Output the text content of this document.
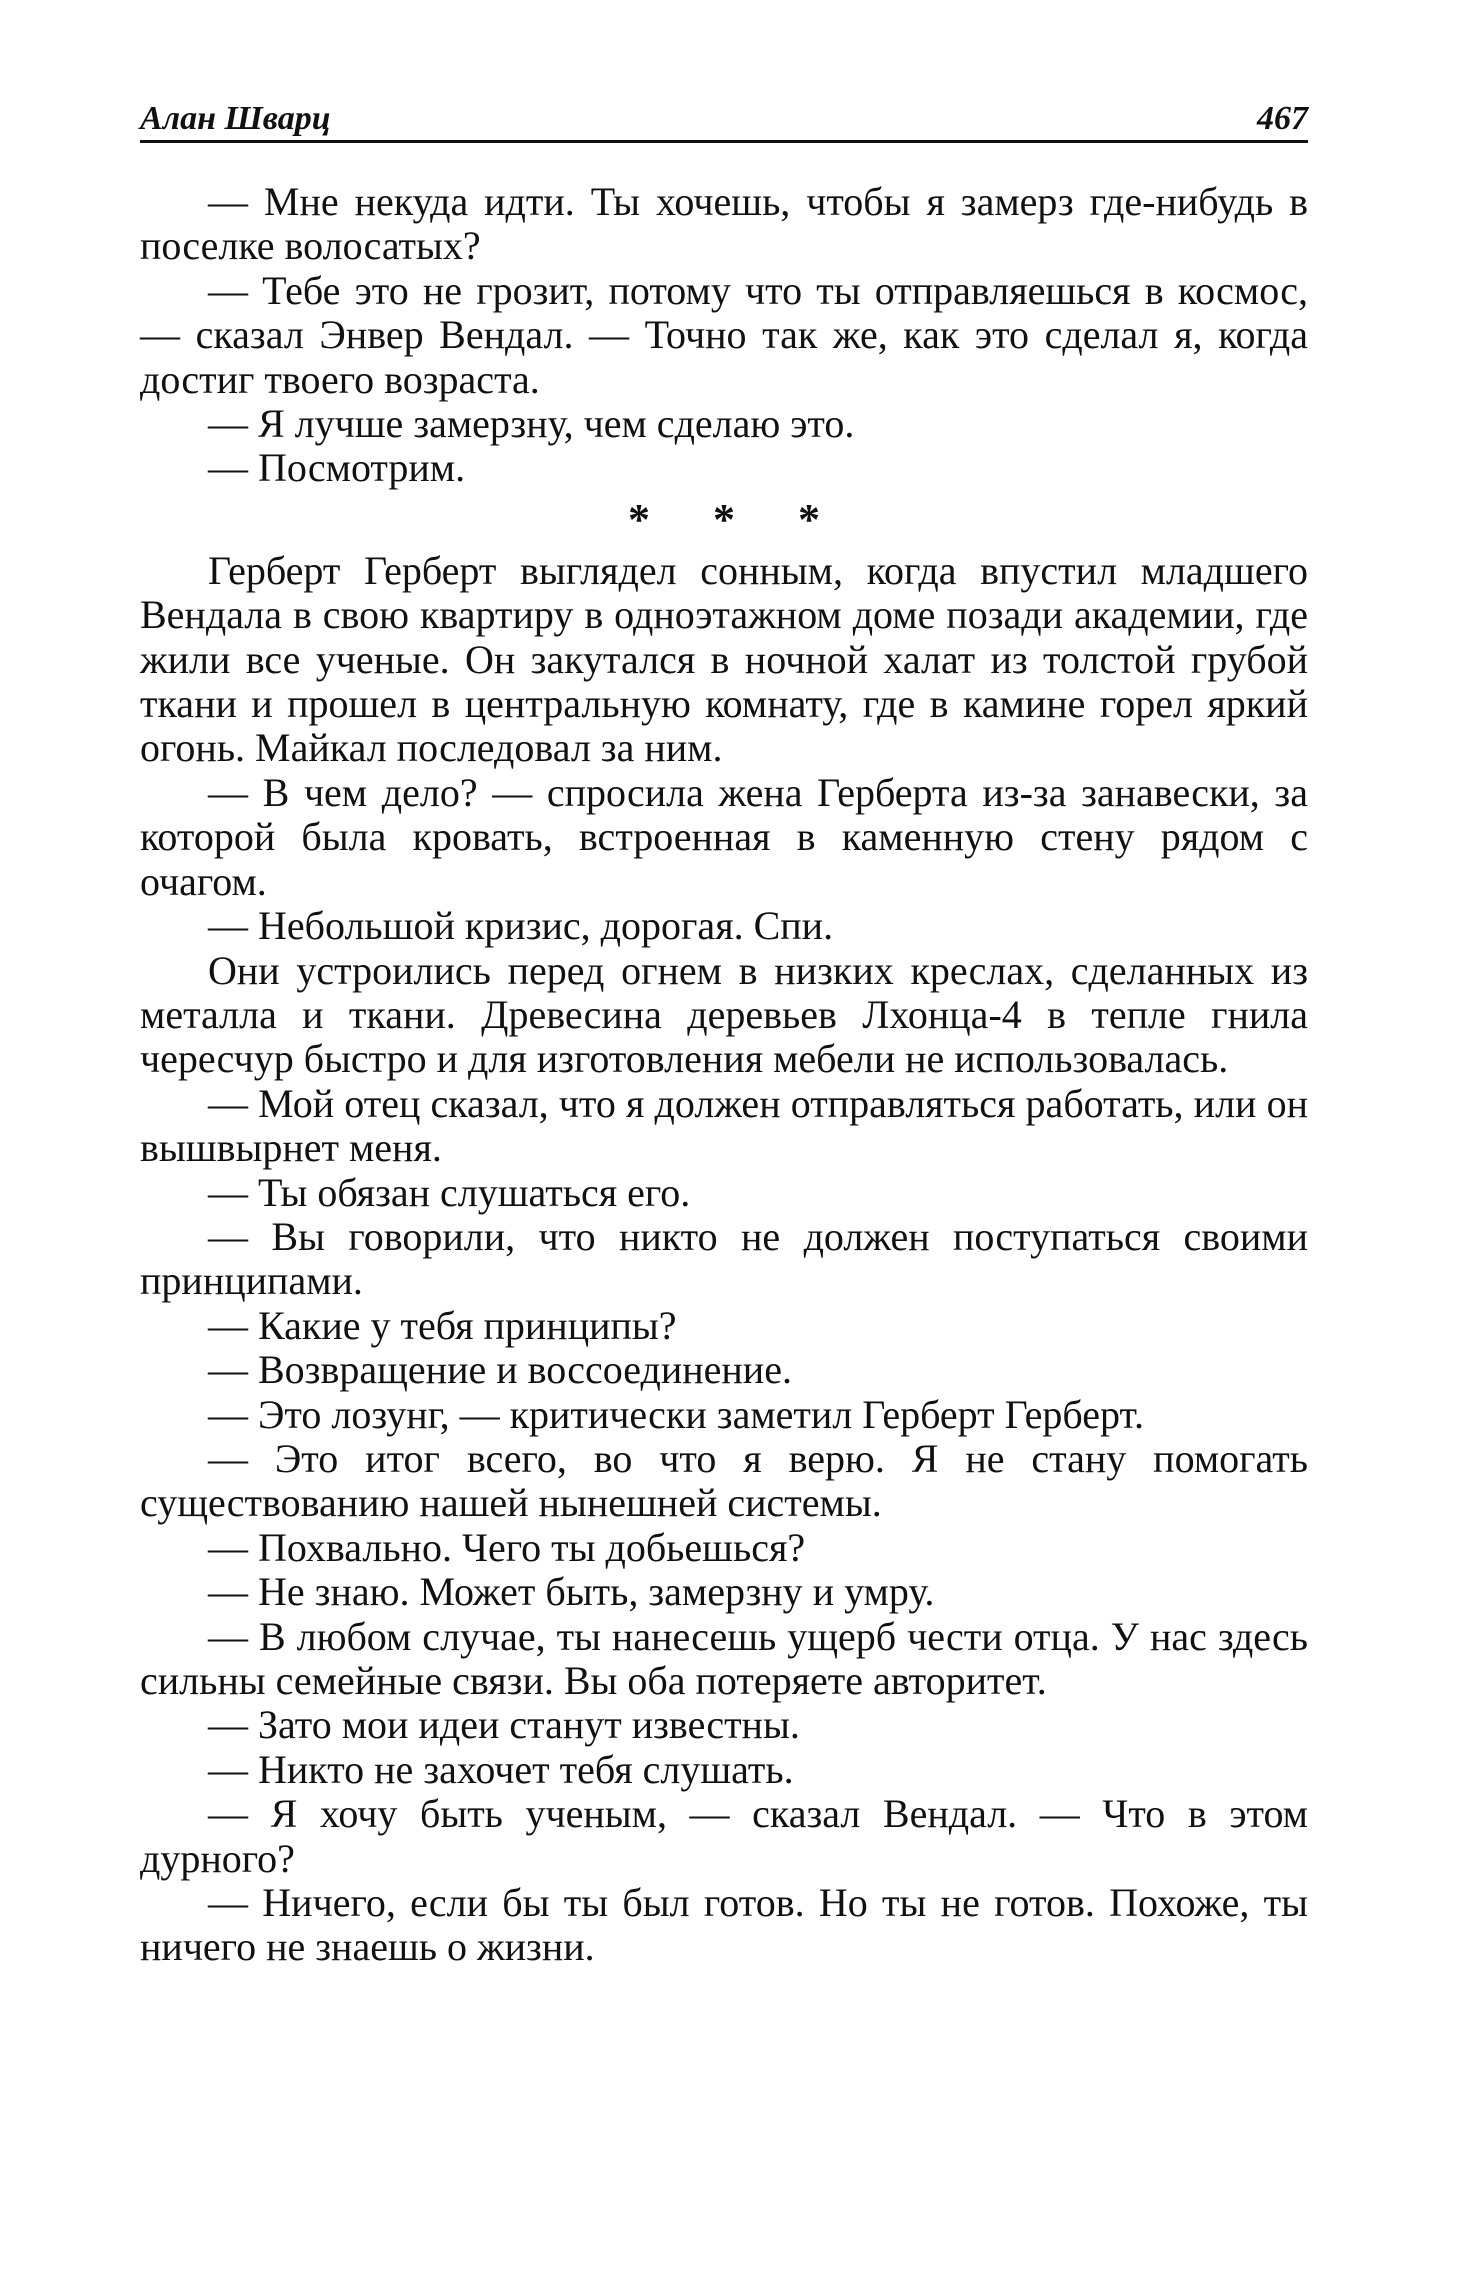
Алан Шварц	467

— Мне некуда идти. Ты хочешь, чтобы я замерз где-нибудь в поселке волосатых?

— Тебе это не грозит, потому что ты отправляешься в космос, — сказал Энвер Вендал. — Точно так же, как это сделал я, когда достиг твоего возраста.

— Я лучше замерзну, чем сделаю это.

— Посмотрим.

* * *

Герберт Герберт выглядел сонным, когда впустил младшего Вендала в свою квартиру в одноэтажном доме позади академии, где жили все ученые. Он закутался в ночной халат из толстой грубой ткани и прошел в центральную комнату, где в камине горел яркий огонь. Майкал последовал за ним.

— В чем дело? — спросила жена Герберта из-за занавески, за которой была кровать, встроенная в каменную стену рядом с очагом.

— Небольшой кризис, дорогая. Спи.

Они устроились перед огнем в низких креслах, сделанных из металла и ткани. Древесина деревьев Лхонца-4 в тепле гнила чересчур быстро и для изготовления мебели не использовалась.

— Мой отец сказал, что я должен отправляться работать, или он вышвырнет меня.

— Ты обязан слушаться его.

— Вы говорили, что никто не должен поступаться своими принципами.

— Какие у тебя принципы?

— Возвращение и воссоединение.

— Это лозунг, — критически заметил Герберт Герберт.

— Это итог всего, во что я верю. Я не стану помогать существованию нашей нынешней системы.

— Похвально. Чего ты добьешься?

— Не знаю. Может быть, замерзну и умру.

— В любом случае, ты нанесешь ущерб чести отца. У нас здесь сильны семейные связи. Вы оба потеряете авторитет.

— Зато мои идеи станут известны.

— Никто не захочет тебя слушать.

— Я хочу быть ученым, — сказал Вендал. — Что в этом дурного?

— Ничего, если бы ты был готов. Но ты не готов. Похоже, ты ничего не знаешь о жизни.
